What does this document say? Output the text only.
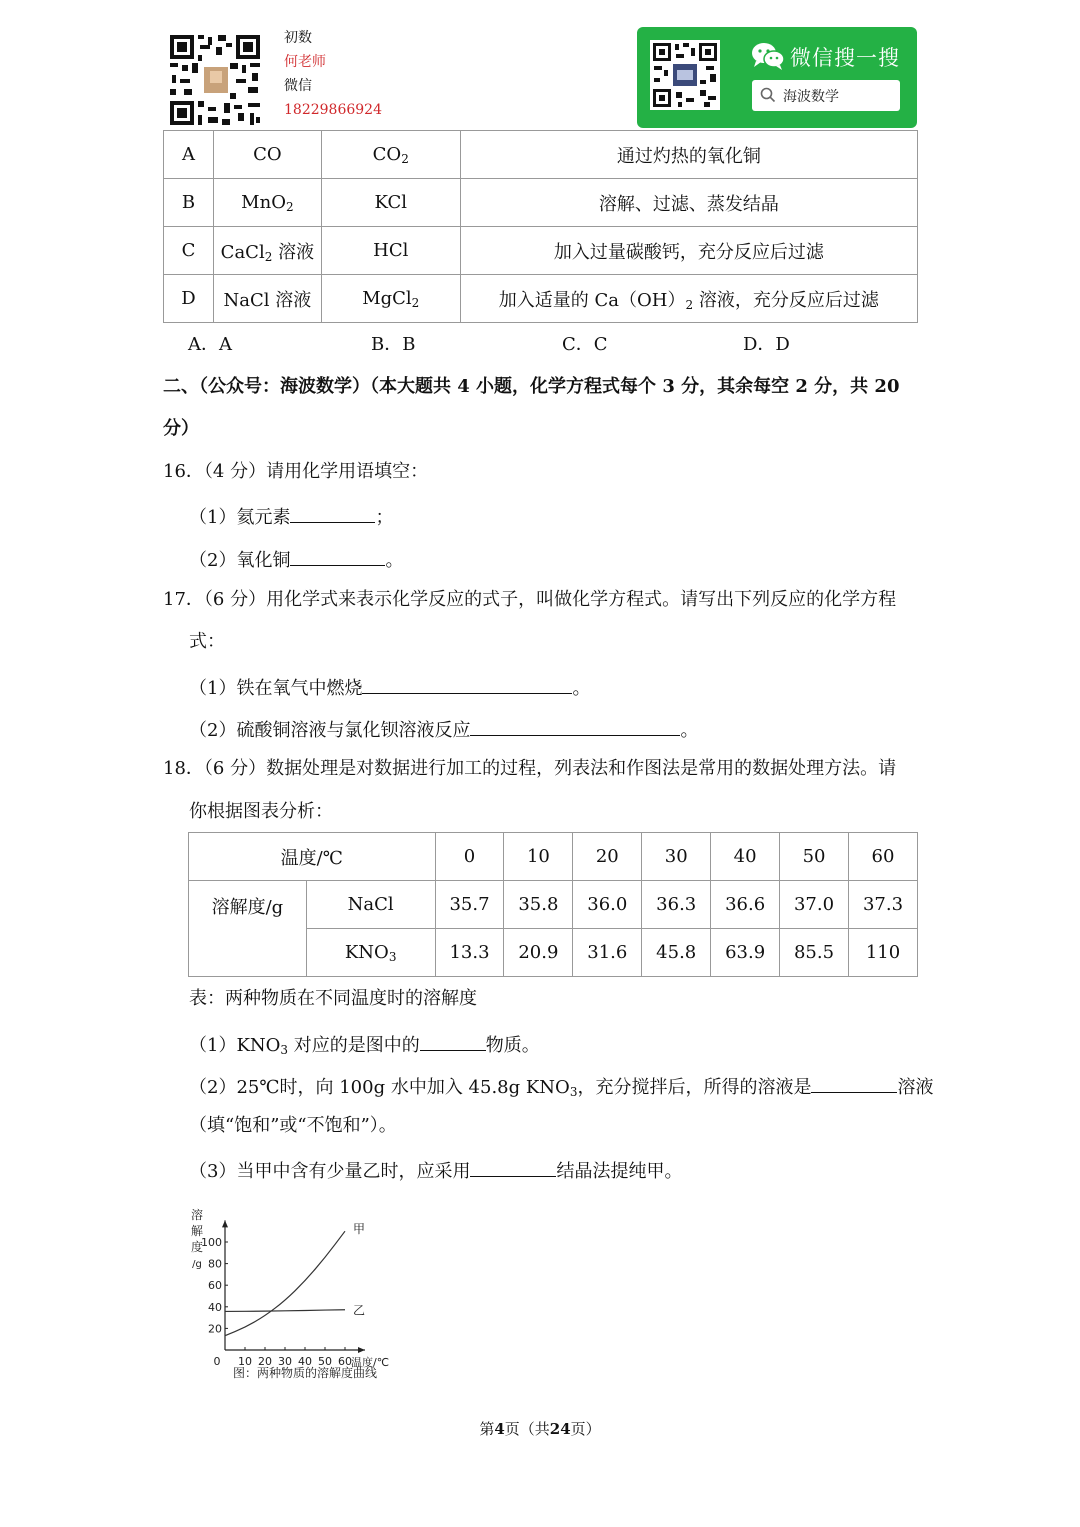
初数
何老师
微信
18229866924
微信搜一搜
海波数学
A	CO	$CO_2$	通过灼热的氧化铜
B	MnO$_2$	KCl	溶解、过滤、蒸发结晶
C	CaCl$_2$ 溶液	HCl	加入过量碳酸钙，充分反应后过滤
D	NaCl 溶液	MgCl$_2$	加入适量的 $Ca(OH)_2$ 溶液，充分反应后过滤
A．A	B．B	C．C	D．D
二、（公众号：海波数学）（本大题共 4 小题，化学方程式每个 3 分，其余每空 2 分，共 20
分）
16．（4 分）请用化学用语填空：
（1）氦元素	；
（2）氧化铜	。
17．（6 分）用化学式来表示化学反应的式子，叫做化学方程式。请写出下列反应的化学方程
式：
（1）铁在氧气中燃烧	。
（2）硫酸铜溶液与氯化钡溶液反应	。
18．（6 分）数据处理是对数据进行加工的过程，列表法和作图法是常用的数据处理方法。请
你根据图表分析：
温度/℃		0	10	20	30	40	50	60
溶解度/g	NaCl	35.7	35.8	36.0	36.3	36.6	37.0	37.3
	$KNO_3$	13.3	20.9	31.6	45.8	63.9	85.5	110
表：两种物质在不同温度时的溶解度
$(1)KNO_3$ 对应的是图中的	物质。
（2）25℃时，向 100g 水中加入 45.8g $KNO_3$，充分搅拌后，所得的溶液是	溶液
（填“饱和”或“不饱和”）。
（3）当甲中含有少量乙时，应采用	结晶法提纯甲。
0 10 20 30 40 50 60
20
40
60
80
100
溶
解
度
/g
温度/℃
甲
乙
图：两种物质的溶解度曲线
第4页（共24页）
